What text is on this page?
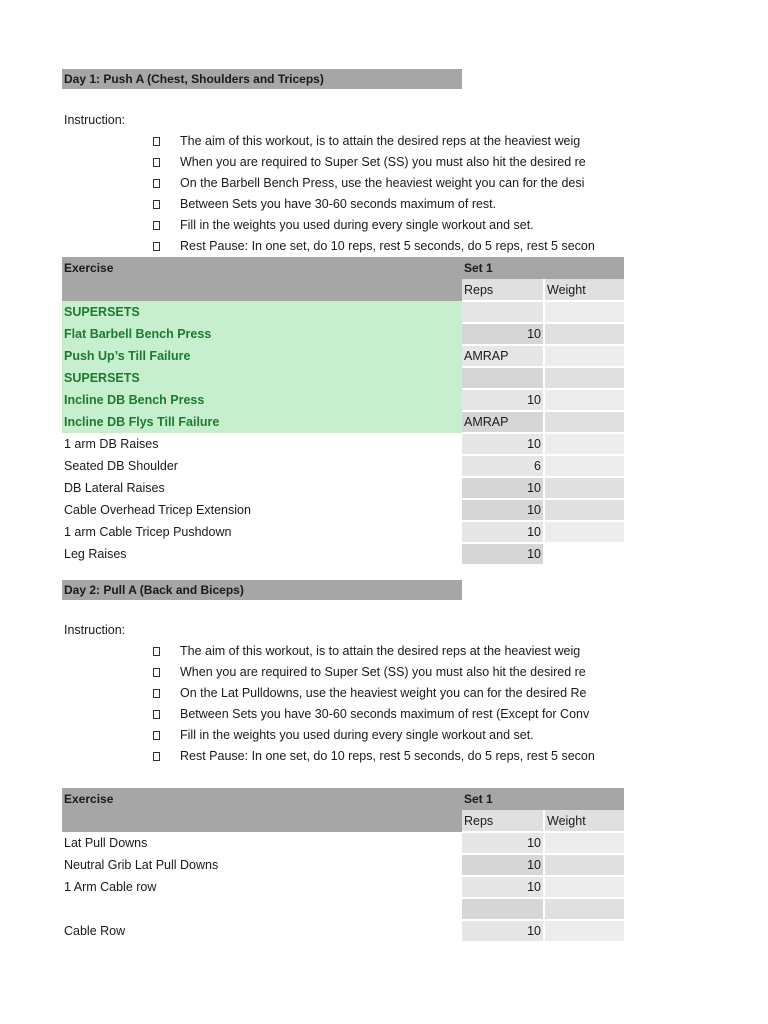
Day 1: Push A (Chest, Shoulders and Triceps)
Instruction:
The aim of this workout, is to attain the desired reps at the heaviest weig
When you are required to Super Set (SS) you must also hit the desired re
On the Barbell Bench Press, use the heaviest weight you can for the desi
Between Sets you have 30-60 seconds maximum of rest.
Fill in the weights you used during every single workout and set.
Rest Pause: In one set, do 10 reps, rest 5 seconds, do 5 reps, rest 5 secon
Exercise	Set 1	
	Reps	Weight
SUPERSETS		
Flat Barbell Bench Press	10	
Push Up’s Till Failure	AMRAP	
SUPERSETS		
Incline DB Bench Press	10	
Incline DB Flys Till Failure	AMRAP	
1 arm DB Raises	10	
Seated DB Shoulder	6	
DB Lateral Raises	10	
Cable Overhead Tricep Extension	10	
1 arm Cable Tricep Pushdown	10	
Leg Raises	10	
Day 2: Pull A (Back and Biceps)
Instruction:
The aim of this workout, is to attain the desired reps at the heaviest weig
When you are required to Super Set (SS) you must also hit the desired re
On the Lat Pulldowns, use the heaviest weight you can for the desired Re
Between Sets you have 30-60 seconds maximum of rest (Except for Conv
Fill in the weights you used during every single workout and set.
Rest Pause: In one set, do 10 reps, rest 5 seconds, do 5 reps, rest 5 secon
Exercise	Set 1	
	Reps	Weight
Lat Pull Downs	10	
Neutral Grib Lat Pull Downs	10	
1 Arm Cable row	10	

Cable Row	10	
